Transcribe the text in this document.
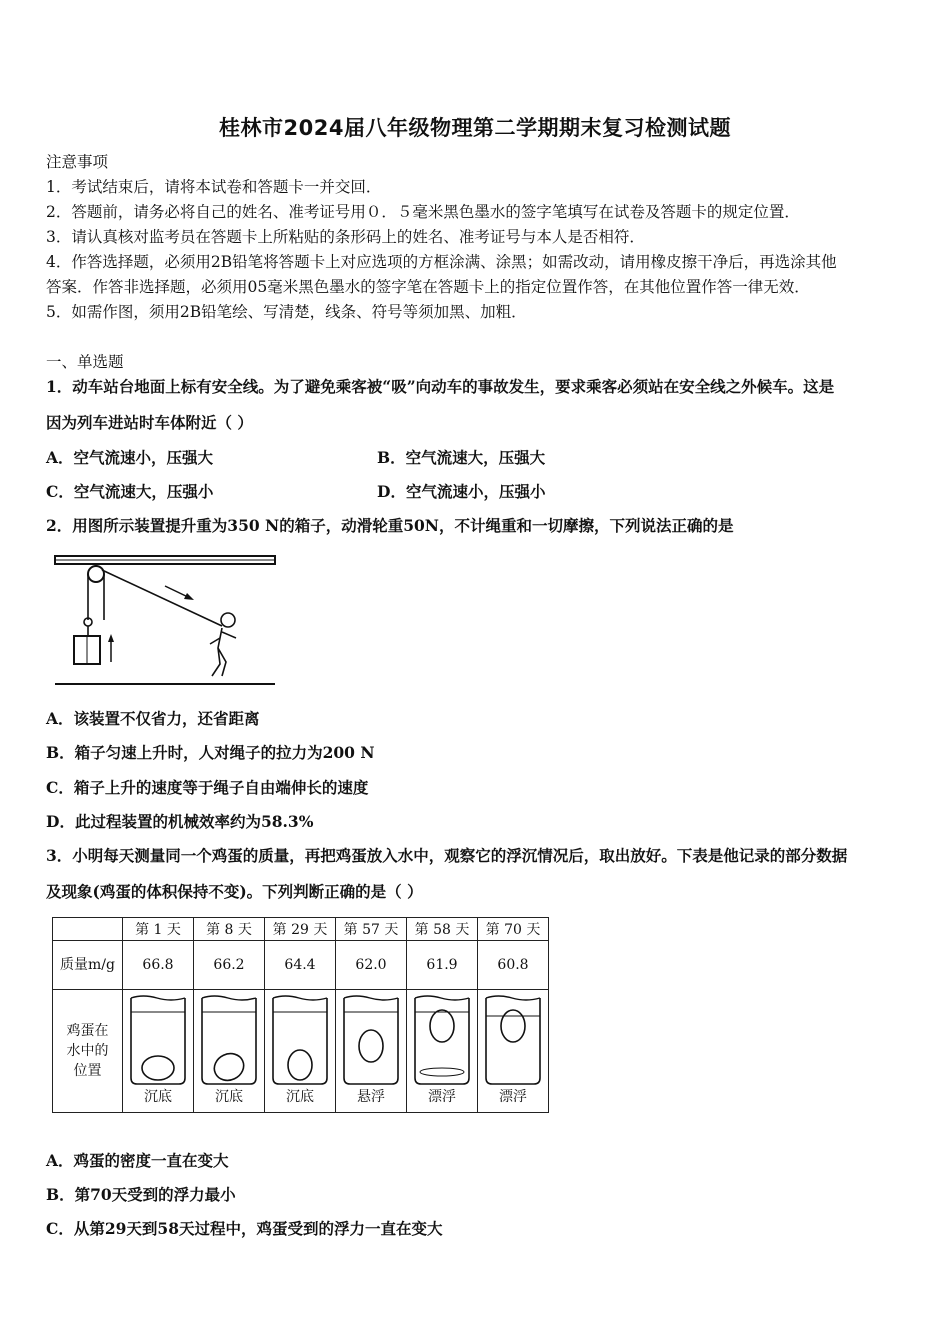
桂林市2024届八年级物理第二学期期末复习检测试题
注意事项
1．考试结束后，请将本试卷和答题卡一并交回．
2．答题前，请务必将自己的姓名、准考证号用０．５毫米黑色墨水的签字笔填写在试卷及答题卡的规定位置．
3．请认真核对监考员在答题卡上所粘贴的条形码上的姓名、准考证号与本人是否相符．
4．作答选择题，必须用2B铅笔将答题卡上对应选项的方框涂满、涂黑；如需改动，请用橡皮擦干净后，再选涂其他
答案．作答非选择题，必须用05毫米黑色墨水的签字笔在答题卡上的指定位置作答，在其他位置作答一律无效．
5．如需作图，须用2B铅笔绘、写清楚，线条、符号等须加黑、加粗．
一、单选题
1．动车站台地面上标有安全线。为了避免乘客被“吸”向动车的事故发生，要求乘客必须站在安全线之外候车。这是
因为列车进站时车体附近（ ）
A．空气流速小，压强大	B．空气流速大，压强大
C．空气流速大，压强小	D．空气流速小，压强小
2．用图所示装置提升重为350 N的箱子，动滑轮重50N，不计绳重和一切摩擦，下列说法正确的是
A．该装置不仅省力，还省距离
B．箱子匀速上升时，人对绳子的拉力为200 N
C．箱子上升的速度等于绳子自由端伸长的速度
D．此过程装置的机械效率约为58.3%
3．小明每天测量同一个鸡蛋的质量，再把鸡蛋放入水中，观察它的浮沉情况后，取出放好。下表是他记录的部分数据
及现象(鸡蛋的体积保持不变)。下列判断正确的是（ ）
	第 1 天	第 8 天	第 29 天	第 57 天	第 58 天	第 70 天
质量m/g	66.8	66.2	64.4	62.0	61.9	60.8
鸡蛋在水中的位置	沉底	沉底	沉底	悬浮	漂浮	漂浮
A．鸡蛋的密度一直在变大
B．第70天受到的浮力最小
C．从第29天到58天过程中，鸡蛋受到的浮力一直在变大
